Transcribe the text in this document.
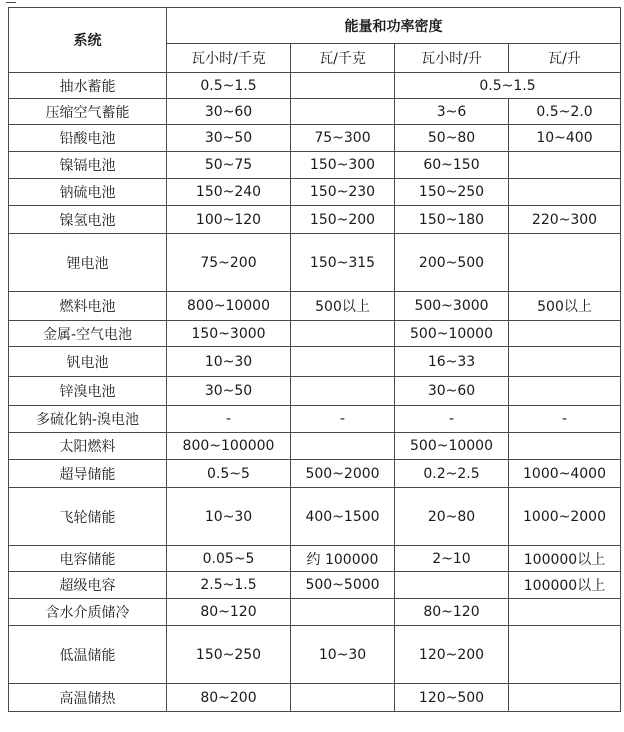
系统	能量和功率密度			
	瓦小时/千克	瓦/千克	瓦小时/升	瓦/升
抽水蓄能	0.5~1.5		0.5~1.5	
压缩空气蓄能	30~60		3~6	0.5~2.0
铅酸电池	30~50	75~300	50~80	10~400
镍镉电池	50~75	150~300	60~150	
钠硫电池	150~240	150~230	150~250	
镍氢电池	100~120	150~200	150~180	220~300
锂电池	75~200	150~315	200~500	
燃料电池	800~10000	500以上	500~3000	500以上
金属-空气电池	150~3000		500~10000	
钒电池	10~30		16~33	
锌溴电池	30~50		30~60	
多硫化钠-溴电池	-	-	-	-
太阳燃料	800~100000		500~10000	
超导储能	0.5~5	500~2000	0.2~2.5	1000~4000
飞轮储能	10~30	400~1500	20~80	1000~2000
电容储能	0.05~5	约 100000	2~10	100000以上
超级电容	2.5~1.5	500~5000		100000以上
含水介质储冷	80~120		80~120	
低温储能	150~250	10~30	120~200	
高温储热	80~200		120~500	
